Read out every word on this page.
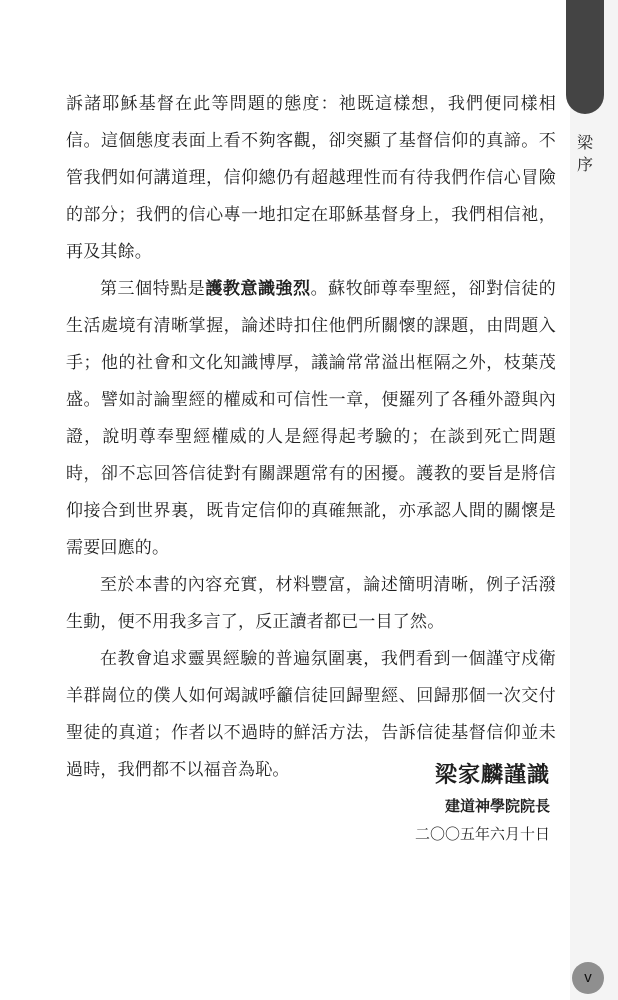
梁序

訴諸耶穌基督在此等問題的態度：祂既這樣想，我們便同樣相信。這個態度表面上看不夠客觀，卻突顯了基督信仰的真諦。不管我們如何講道理，信仰總仍有超越理性而有待我們作信心冒險的部分；我們的信心專一地扣定在耶穌基督身上，我們相信祂，再及其餘。

第三個特點是護教意識強烈。蘇牧師尊奉聖經，卻對信徒的生活處境有清晰掌握，論述時扣住他們所關懷的課題，由問題入手；他的社會和文化知識博厚，議論常常溢出框隔之外，枝葉茂盛。譬如討論聖經的權威和可信性一章，便羅列了各種外證與內證，說明尊奉聖經權威的人是經得起考驗的；在談到死亡問題時，卻不忘回答信徒對有關課題常有的困擾。護教的要旨是將信仰接合到世界裏，既肯定信仰的真確無訛，亦承認人間的關懷是需要回應的。

至於本書的內容充實，材料豐富，論述簡明清晰，例子活潑生動，便不用我多言了，反正讀者都已一目了然。

在教會追求靈異經驗的普遍氛圍裏，我們看到一個謹守戍衛羊群崗位的僕人如何竭誠呼籲信徒回歸聖經、回歸那個一次交付聖徒的真道；作者以不過時的鮮活方法，告訴信徒基督信仰並未過時，我們都不以福音為恥。	梁家麟謹識
建道神學院院長
二〇〇五年六月十日
v
